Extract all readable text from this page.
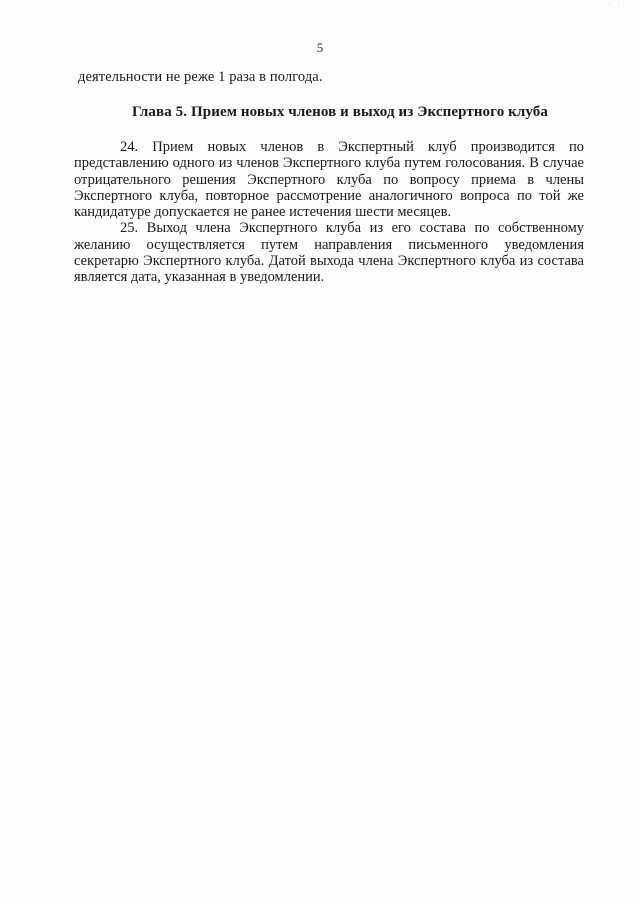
· · ·
5
деятельности не реже 1 раза в полгода.
Глава 5. Прием новых членов и выход из Экспертного клуба

24. Прием новых членов в Экспертный клуб производится по представлению одного из членов Экспертного клуба путем голосования. В случае отрицательного решения Экспертного клуба по вопросу приема в члены Экспертного клуба, повторное рассмотрение аналогичного вопроса по той же кандидатуре допускается не ранее истечения шести месяцев.

25. Выход члена Экспертного клуба из его состава по собственному желанию осуществляется путем направления письменного уведомления секретарю Экспертного клуба. Датой выхода члена Экспертного клуба из состава является дата, указанная в уведомлении.
